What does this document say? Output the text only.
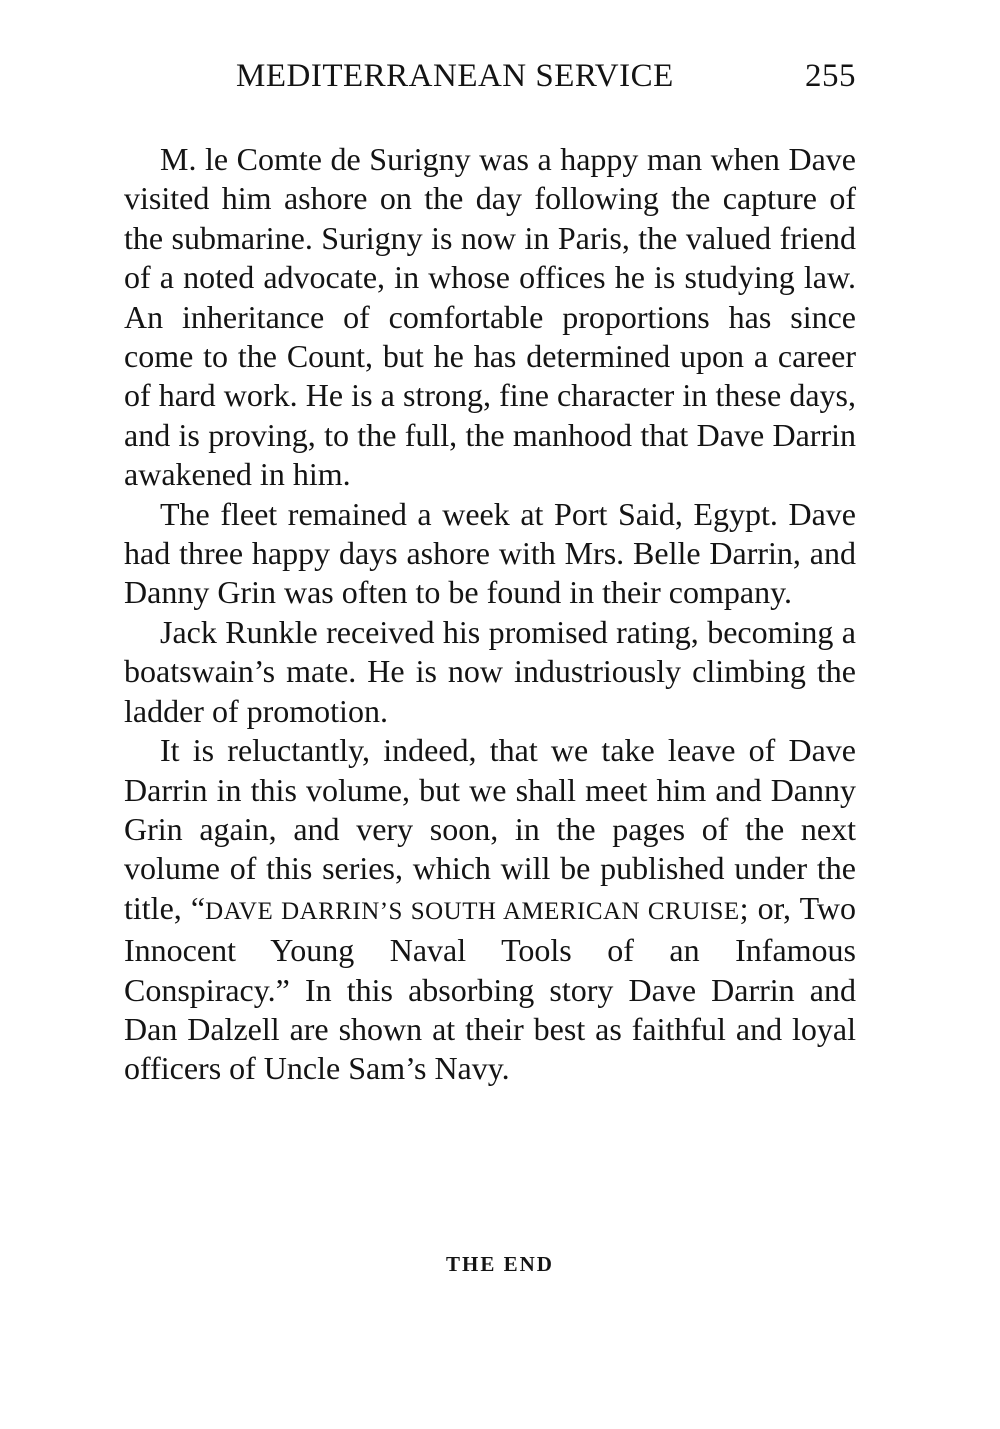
MEDITERRANEAN SERVICE	255

M. le Comte de Surigny was a happy man when Dave visited him ashore on the day following the capture of the submarine. Surigny is now in Paris, the valued friend of a noted advocate, in whose offices he is studying law. An inheritance of comfortable proportions has since come to the Count, but he has determined upon a career of hard work. He is a strong, fine character in these days, and is proving, to the full, the manhood that Dave Darrin awakened in him.

The fleet remained a week at Port Said, Egypt. Dave had three happy days ashore with Mrs. Belle Darrin, and Danny Grin was often to be found in their company.

Jack Runkle received his promised rating, becoming a boatswain’s mate. He is now industriously climbing the ladder of promotion.

It is reluctantly, indeed, that we take leave of Dave Darrin in this volume, but we shall meet him and Danny Grin again, and very soon, in the pages of the next volume of this series, which will be published under the title, “DAVE DARRIN’S SOUTH AMERICAN CRUISE; or, Two Innocent Young Naval Tools of an Infamous Conspiracy.” In this absorbing story Dave Darrin and Dan Dalzell are shown at their best as faithful and loyal officers of Uncle Sam’s Navy.

THE END
